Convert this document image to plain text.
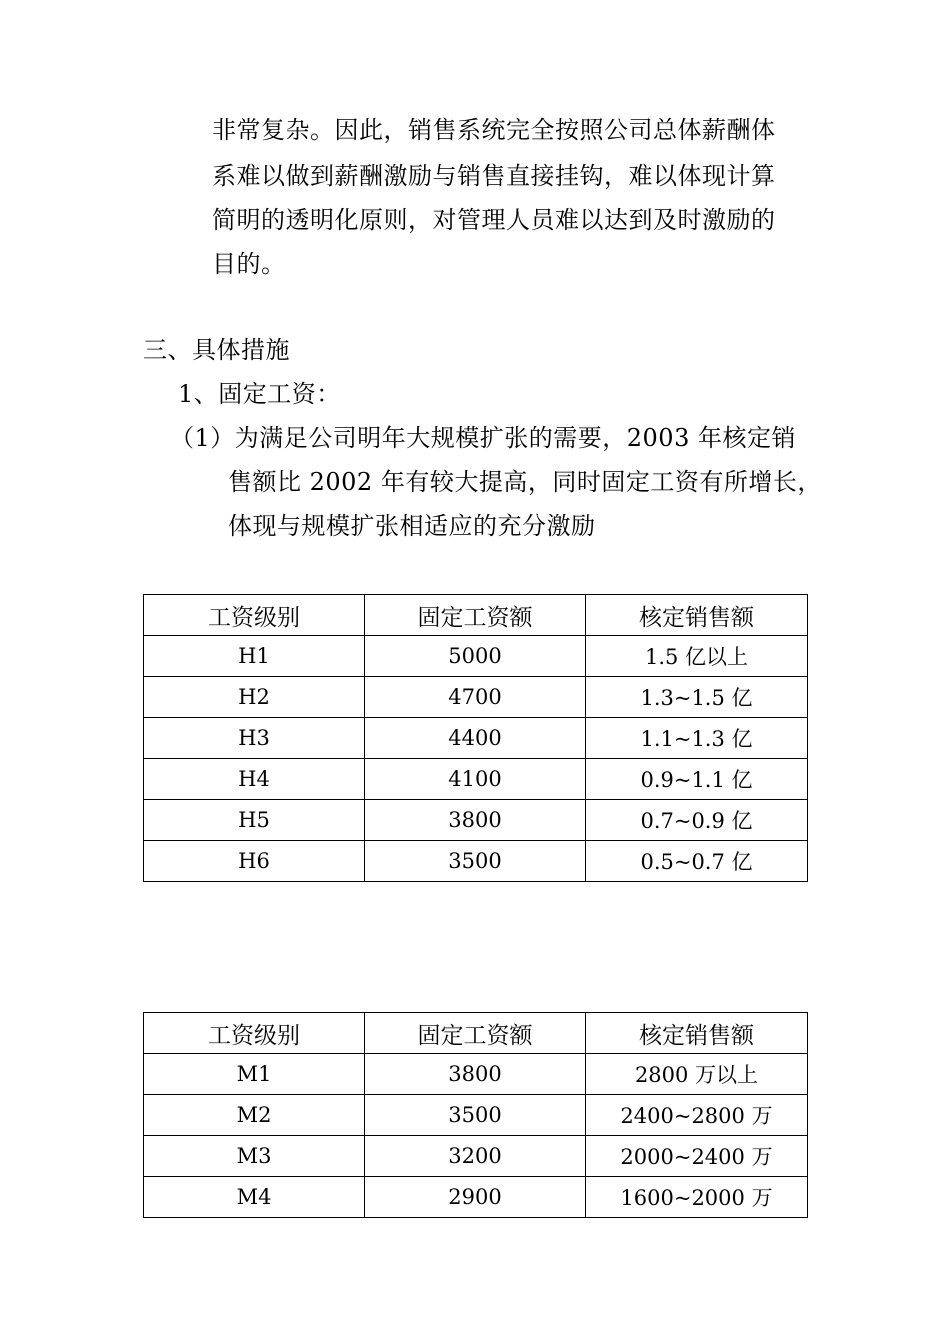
非常复杂。因此，销售系统完全按照公司总体薪酬体
系难以做到薪酬激励与销售直接挂钩，难以体现计算
简明的透明化原则，对管理人员难以达到及时激励的
目的。
三、具体措施
1、固定工资：
（1）为满足公司明年大规模扩张的需要，2003 年核定销
售额比 2002 年有较大提高，同时固定工资有所增长，
体现与规模扩张相适应的充分激励
工资级别	固定工资额	核定销售额
H1	5000	1.5 亿以上
H2	4700	1.3~1.5 亿
H3	4400	1.1~1.3 亿
H4	4100	0.9~1.1 亿
H5	3800	0.7~0.9 亿
H6	3500	0.5~0.7 亿
工资级别	固定工资额	核定销售额
M1	3800	2800 万以上
M2	3500	2400~2800 万
M3	3200	2000~2400 万
M4	2900	1600~2000 万
